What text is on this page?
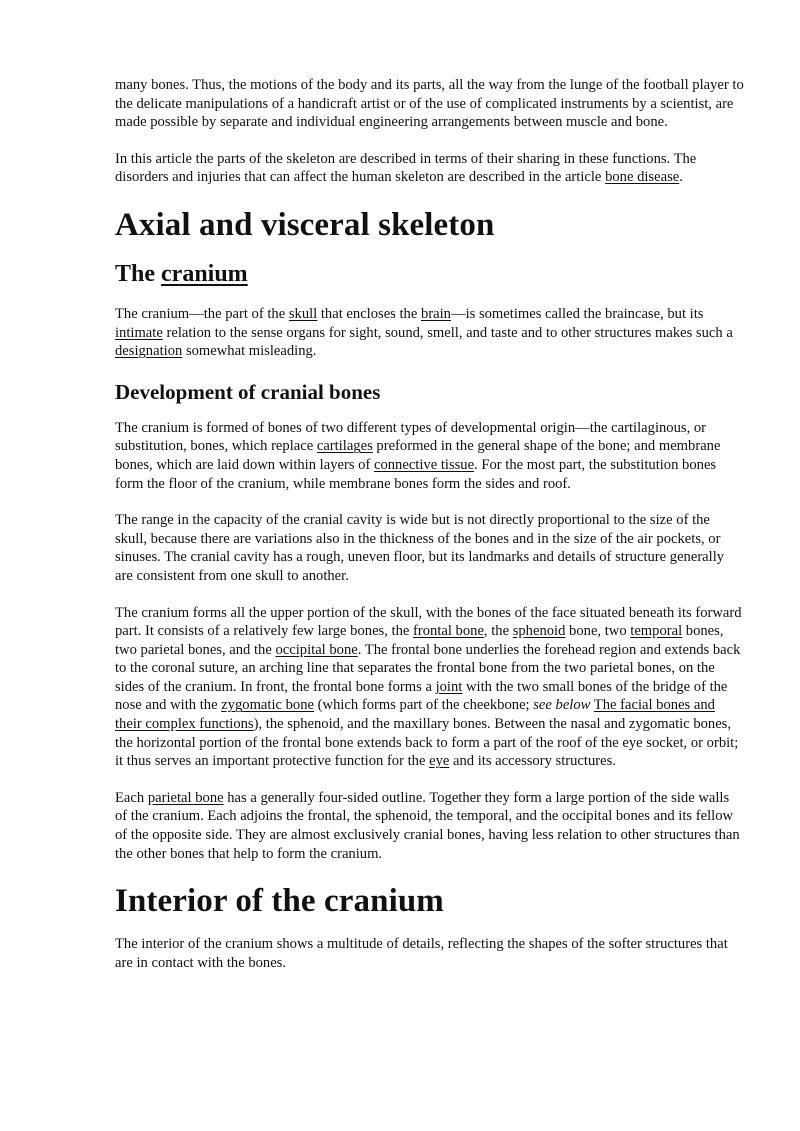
many bones. Thus, the motions of the body and its parts, all the way from the lunge of the football player to the delicate manipulations of a handicraft artist or of the use of complicated instruments by a scientist, are made possible by separate and individual engineering arrangements between muscle and bone.

In this article the parts of the skeleton are described in terms of their sharing in these functions. The disorders and injuries that can affect the human skeleton are described in the article bone disease.

Axial and visceral skeleton
The cranium

The cranium—the part of the skull that encloses the brain—is sometimes called the braincase, but its intimate relation to the sense organs for sight, sound, smell, and taste and to other structures makes such a designation somewhat misleading.

Development of cranial bones

The cranium is formed of bones of two different types of developmental origin—the cartilaginous, or substitution, bones, which replace cartilages preformed in the general shape of the bone; and membrane bones, which are laid down within layers of connective tissue. For the most part, the substitution bones form the floor of the cranium, while membrane bones form the sides and roof.

The range in the capacity of the cranial cavity is wide but is not directly proportional to the size of the skull, because there are variations also in the thickness of the bones and in the size of the air pockets, or sinuses. The cranial cavity has a rough, uneven floor, but its landmarks and details of structure generally are consistent from one skull to another.

The cranium forms all the upper portion of the skull, with the bones of the face situated beneath its forward part. It consists of a relatively few large bones, the frontal bone, the sphenoid bone, two temporal bones, two parietal bones, and the occipital bone. The frontal bone underlies the forehead region and extends back to the coronal suture, an arching line that separates the frontal bone from the two parietal bones, on the sides of the cranium. In front, the frontal bone forms a joint with the two small bones of the bridge of the nose and with the zygomatic bone (which forms part of the cheekbone; see below The facial bones and their complex functions), the sphenoid, and the maxillary bones. Between the nasal and zygomatic bones, the horizontal portion of the frontal bone extends back to form a part of the roof of the eye socket, or orbit; it thus serves an important protective function for the eye and its accessory structures.

Each parietal bone has a generally four-sided outline. Together they form a large portion of the side walls of the cranium. Each adjoins the frontal, the sphenoid, the temporal, and the occipital bones and its fellow of the opposite side. They are almost exclusively cranial bones, having less relation to other structures than the other bones that help to form the cranium.

Interior of the cranium

The interior of the cranium shows a multitude of details, reflecting the shapes of the softer structures that are in contact with the bones.
